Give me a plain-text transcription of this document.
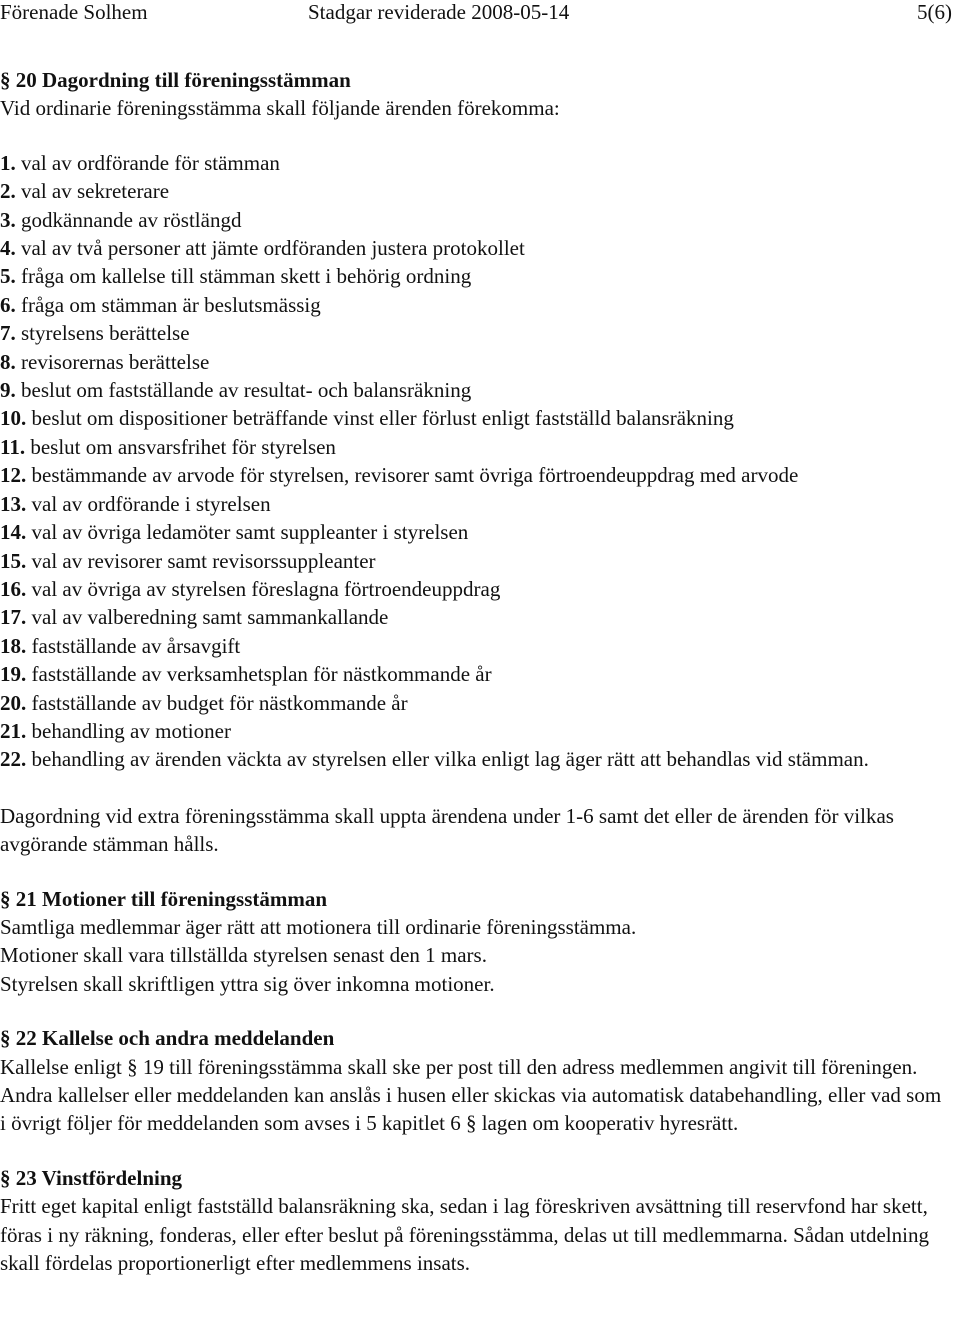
Förenade Solhem	Stadgar reviderade 2008-05-14	5(6)

§ 20 Dagordning till föreningsstämman

Vid ordinarie föreningsstämma skall följande ärenden förekomma:

1. val av ordförande för stämman
2. val av sekreterare
3. godkännande av röstlängd
4. val av två personer att jämte ordföranden justera protokollet
5. fråga om kallelse till stämman skett i behörig ordning
6. fråga om stämman är beslutsmässig
7. styrelsens berättelse
8. revisorernas berättelse
9. beslut om fastställande av resultat- och balansräkning
10. beslut om dispositioner beträffande vinst eller förlust enligt fastställd balansräkning
11. beslut om ansvarsfrihet för styrelsen
12. bestämmande av arvode för styrelsen, revisorer samt övriga förtroendeuppdrag med arvode
13. val av ordförande i styrelsen
14. val av övriga ledamöter samt suppleanter i styrelsen
15. val av revisorer samt revisorssuppleanter
16. val av övriga av styrelsen föreslagna förtroendeuppdrag
17. val av valberedning samt sammankallande
18. fastställande av årsavgift
19. fastställande av verksamhetsplan för nästkommande år
20. fastställande av budget för nästkommande år
21. behandling av motioner
22. behandling av ärenden väckta av styrelsen eller vilka enligt lag äger rätt att behandlas vid stämman.

Dagordning vid extra föreningsstämma skall uppta ärendena under 1-6 samt det eller de ärenden för vilkas avgörande stämman hålls.

§ 21 Motioner till föreningsstämman

Samtliga medlemmar äger rätt att motionera till ordinarie föreningsstämma.

Motioner skall vara tillställda styrelsen senast den 1 mars.

Styrelsen skall skriftligen yttra sig över inkomna motioner.

§ 22 Kallelse och andra meddelanden

Kallelse enligt § 19 till föreningsstämma skall ske per post till den adress medlemmen angivit till föreningen. Andra kallelser eller meddelanden kan anslås i husen eller skickas via automatisk databehandling, eller vad som i övrigt följer för meddelanden som avses i 5 kapitlet 6 § lagen om kooperativ hyresrätt.

§ 23 Vinstfördelning

Fritt eget kapital enligt fastställd balansräkning ska, sedan i lag föreskriven avsättning till reservfond har skett, föras i ny räkning, fonderas, eller efter beslut på föreningsstämma, delas ut till medlemmarna. Sådan utdelning skall fördelas proportionerligt efter medlemmens insats.
